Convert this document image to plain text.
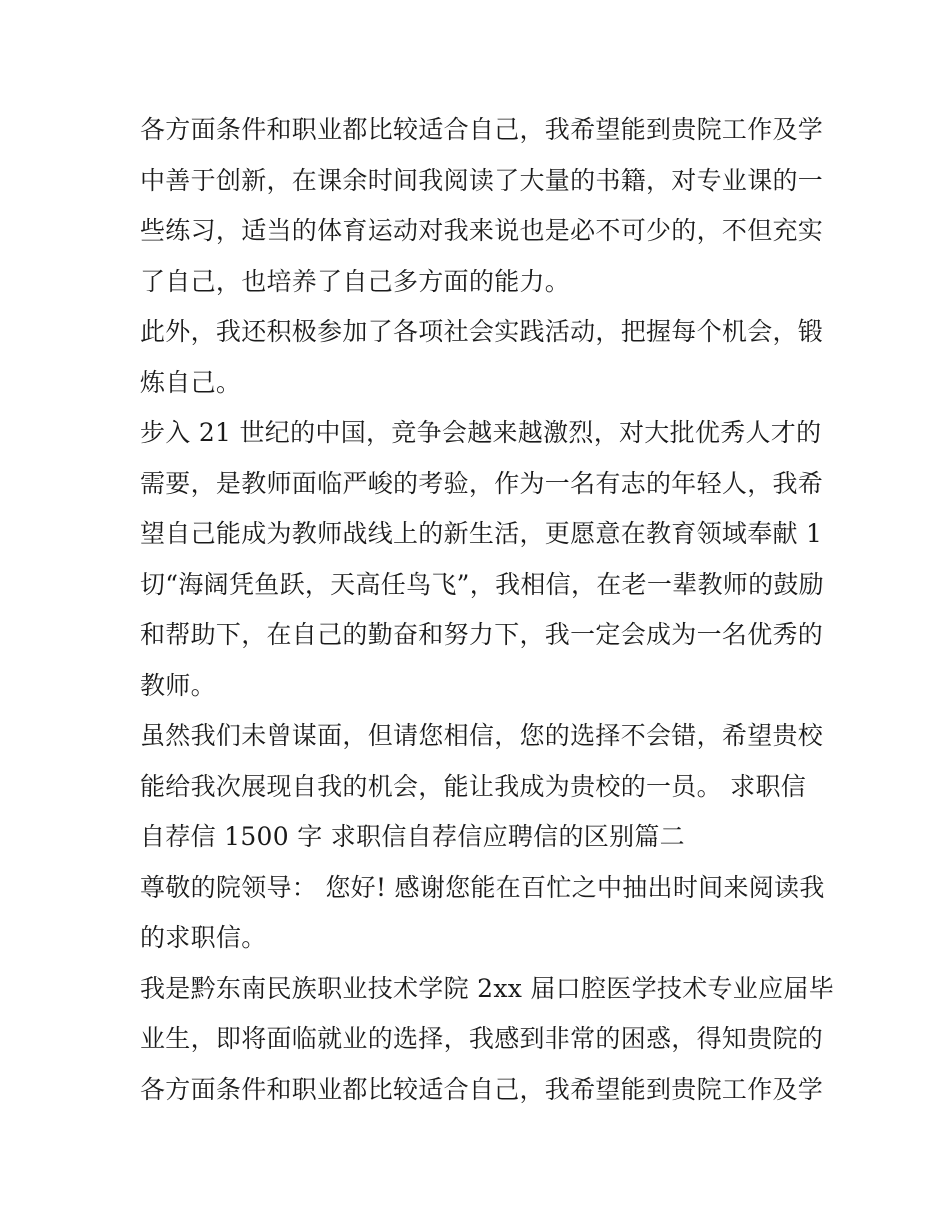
各方面条件和职业都比较适合自己，我希望能到贵院工作及学
中善于创新，在课余时间我阅读了大量的书籍，对专业课的一
些练习，适当的体育运动对我来说也是必不可少的，不但充实
了自己，也培养了自己多方面的能力。
此外，我还积极参加了各项社会实践活动，把握每个机会，锻
炼自己。
步入 21 世纪的中国，竞争会越来越激烈，对大批优秀人才的
需要，是教师面临严峻的考验，作为一名有志的年轻人，我希
望自己能成为教师战线上的新生活，更愿意在教育领域奉献 1
切“海阔凭鱼跃，天高任鸟飞”，我相信，在老一辈教师的鼓励
和帮助下，在自己的勤奋和努力下，我一定会成为一名优秀的
教师。
虽然我们未曾谋面，但请您相信，您的选择不会错，希望贵校
能给我次展现自我的机会，能让我成为贵校的一员。 求职信
自荐信 1500 字 求职信自荐信应聘信的区别篇二
尊敬的院领导： 您好! 感谢您能在百忙之中抽出时间来阅读我
的求职信。
我是黔东南民族职业技术学院 2xx 届口腔医学技术专业应届毕
业生，即将面临就业的选择，我感到非常的困惑，得知贵院的
各方面条件和职业都比较适合自己，我希望能到贵院工作及学
